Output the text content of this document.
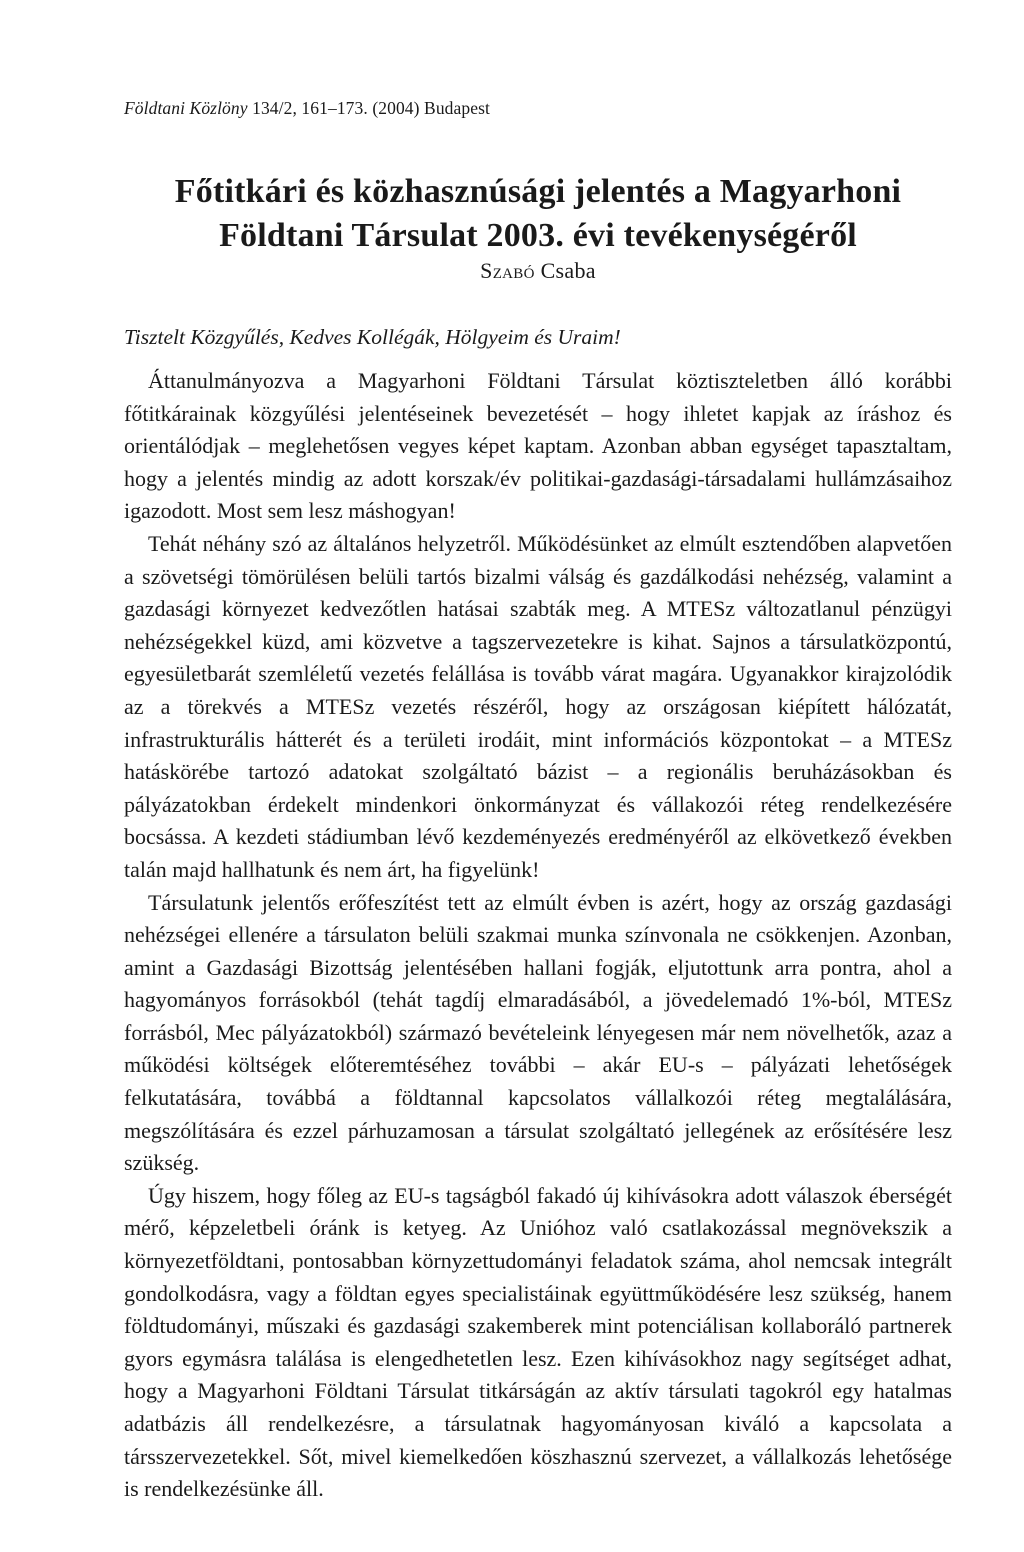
Földtani Közlöny 134/2, 161–173. (2004) Budapest
Főtitkári és közhasznúsági jelentés a Magyarhoni
Földtani Társulat 2003. évi tevékenységéről
Szabó Csaba
Tisztelt Közgyűlés, Kedves Kollégák, Hölgyeim és Uraim!

Áttanulmányozva a Magyarhoni Földtani Társulat köztiszteletben álló korábbi főtitkárainak közgyűlési jelentéseinek bevezetését – hogy ihletet kapjak az íráshoz és orientálódjak – meglehetősen vegyes képet kaptam. Azonban abban egységet tapasztaltam, hogy a jelentés mindig az adott korszak/év politikai-gazdasági-társadalami hullámzásaihoz igazodott. Most sem lesz máshogyan!

Tehát néhány szó az általános helyzetről. Működésünket az elmúlt esztendőben alapvetően a szövetségi tömörülésen belüli tartós bizalmi válság és gazdálkodási nehézség, valamint a gazdasági környezet kedvezőtlen hatásai szabták meg. A MTESz változatlanul pénzügyi nehézségekkel küzd, ami közvetve a tagszervezetekre is kihat. Sajnos a társulatközpontú, egyesületbarát szemléletű vezetés felállása is tovább várat magára. Ugyanakkor kirajzolódik az a törekvés a MTESz vezetés részéről, hogy az országosan kiépített hálózatát, infrastrukturális hátterét és a területi irodáit, mint információs központokat – a MTESz hatáskörébe tartozó adatokat szolgáltató bázist – a regionális beruházásokban és pályázatokban érdekelt mindenkori önkormányzat és vállakozói réteg rendelkezésére bocsássa. A kezdeti stádiumban lévő kezdeményezés eredményéről az elkövetkező években talán majd hallhatunk és nem árt, ha figyelünk!

Társulatunk jelentős erőfeszítést tett az elmúlt évben is azért, hogy az ország gazdasági nehézségei ellenére a társulaton belüli szakmai munka színvonala ne csökkenjen. Azonban, amint a Gazdasági Bizottság jelentésében hallani fogják, eljutottunk arra pontra, ahol a hagyományos forrásokból (tehát tagdíj elmaradásából, a jövedelemadó 1%-ból, MTESz forrásból, Mec pályázatokból) származó bevételeink lényegesen már nem növelhetők, azaz a működési költségek előteremtéséhez további – akár EU-s – pályázati lehetőségek felkutatására, továbbá a földtannal kapcsolatos vállalkozói réteg megtalálására, megszólítására és ezzel párhuzamosan a társulat szolgáltató jellegének az erősítésére lesz szükség.

Úgy hiszem, hogy főleg az EU-s tagságból fakadó új kihívásokra adott válaszok éberségét mérő, képzeletbeli óránk is ketyeg. Az Unióhoz való csatlakozással megnövekszik a környezetföldtani, pontosabban környzettudományi feladatok száma, ahol nemcsak integrált gondolkodásra, vagy a földtan egyes specialistáinak együttműködésére lesz szükség, hanem földtudományi, műszaki és gazdasági szakemberek mint potenciálisan kollaboráló partnerek gyors egymásra találása is elengedhetetlen lesz. Ezen kihívásokhoz nagy segítséget adhat, hogy a Magyarhoni Földtani Társulat titkárságán az aktív társulati tagokról egy hatalmas adatbázis áll rendelkezésre, a társulatnak hagyományosan kiváló a kapcsolata a társszervezetekkel. Sőt, mivel kiemelkedően köszhasznú szervezet, a vállalkozás lehetősége is rendelkezésünke áll.
